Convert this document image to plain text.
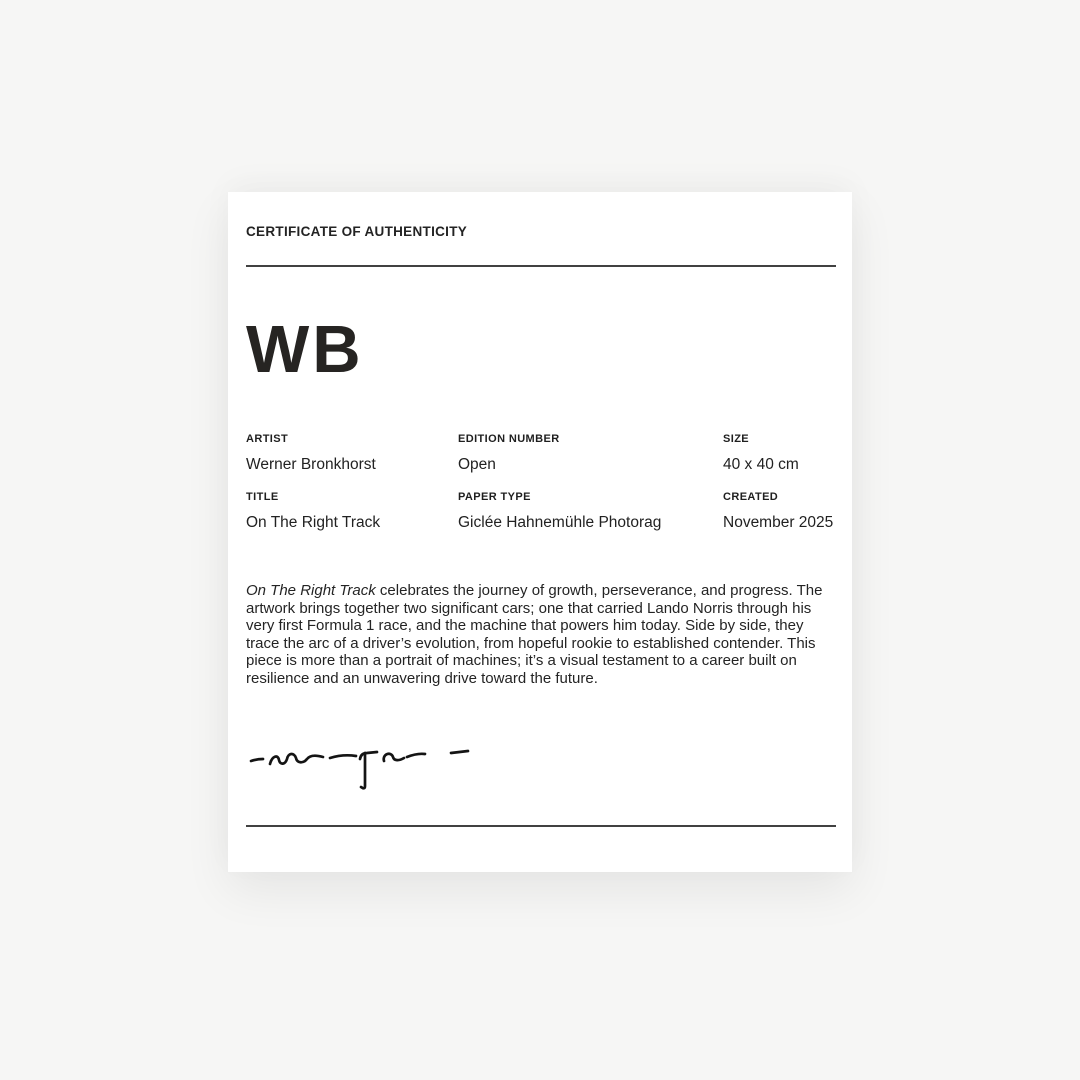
CERTIFICATE OF AUTHENTICITY
WB
ARTIST
Werner Bronkhorst
EDITION NUMBER
Open
SIZE
40 x 40 cm
TITLE
On The Right Track
PAPER TYPE
Giclée Hahnemühle Photorag
CREATED
November 2025

On The Right Track celebrates the journey of growth, perseverance, and progress. The artwork brings together two significant cars; one that carried Lando Norris through his very first Formula 1 race, and the machine that powers him today. Side by side, they trace the arc of a driver’s evolution, from hopeful rookie to established contender. This piece is more than a portrait of machines; it’s a visual testament to a career built on resilience and an unwavering drive toward the future.
